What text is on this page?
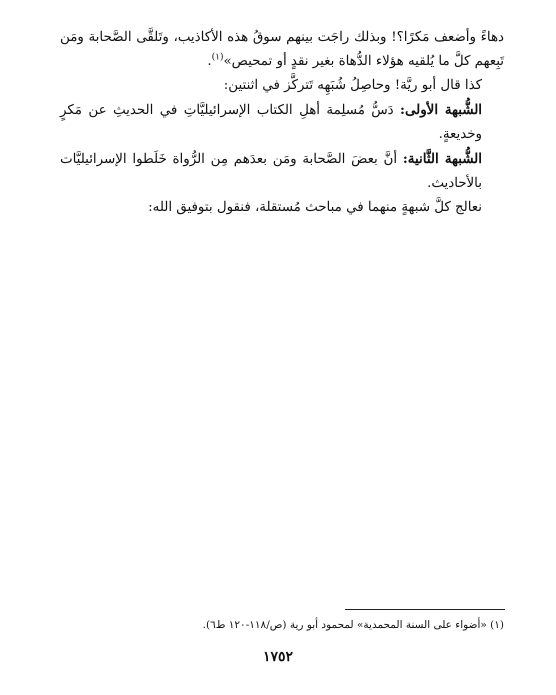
دهاءً وأضعف مَكرًا؟! وبذلك راجَت بينهم سوقُ هذه الأكاذيب، وتَلقَّى الصَّحابة ومَن تَبِعهم كلَّ ما يُلقيه هؤلاء الدُّهاة بغير نقدٍ أو تمحيص»$^{(١)}$.

كذا قال أبو ريَّة! وحاصِلُ شُبَهِه تَتركَّز في اثنتين:

الشُّبهة الأولى: دَسُّ مُسلِمة أهلِ الكتاب الإسرائيليَّاتِ في الحديثِ عن مَكرٍ وخديعةٍ.

الشُّبهة الثَّانية: أنَّ بعضَ الصَّحابة ومَن بعدَهم مِن الرُّواة خَلَطوا الإسرائيليَّات بالأحاديث.

نعالج كلَّ شبهةٍ منهما في مباحث مُستقلة، فنقول بتوفيق الله:

(١) «أضواء على السنة المحمدية» لمحمود أبو رية (ص/١١٨-١٢٠ ط٦).
١٧٥٢
